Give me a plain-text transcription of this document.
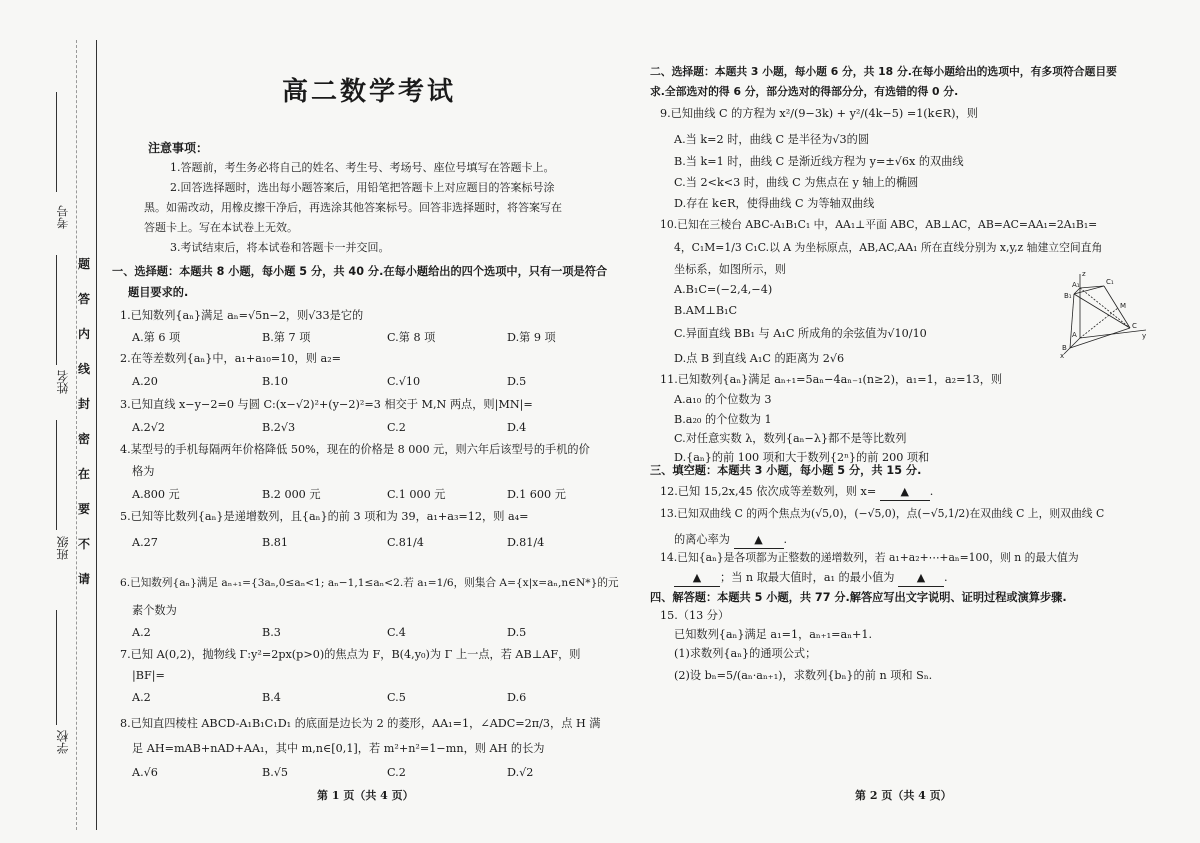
考号
姓名
班级
学校
请
不
要
在
密
封
线
内
答
题
高二数学考试
注意事项：

1.答题前，考生务必将自己的姓名、考生号、考场号、座位号填写在答题卡上。

2.回答选择题时，选出每小题答案后，用铅笔把答题卡上对应题目的答案标号涂

黑。如需改动，用橡皮擦干净后，再选涂其他答案标号。回答非选择题时，将答案写在

答题卡上。写在本试卷上无效。

3.考试结束后，将本试卷和答题卡一并交回。

一、选择题：本题共 8 小题，每小题 5 分，共 40 分.在每小题给出的四个选项中，只有一项是符合
题目要求的.
1.已知数列{aₙ}满足 aₙ=√5n−2，则√33是它的
A.第 6 项	B.第 7 项	C.第 8 项	D.第 9 项
2.在等差数列{aₙ}中，a₁+a₁₀=10，则 a₂=
A.20	B.10	C.√10	D.5
3.已知直线 x−y−2=0 与圆 C:(x−√2)²+(y−2)²=3 相交于 M,N 两点，则|MN|=
A.2√2	B.2√3	C.2	D.4
4.某型号的手机每隔两年价格降低 50%，现在的价格是 8 000 元，则六年后该型号的手机的价
格为
A.800 元	B.2 000 元	C.1 000 元	D.1 600 元
5.已知等比数列{aₙ}是递增数列，且{aₙ}的前 3 项和为 39，a₁+a₃=12，则 a₄=
A.27	B.81	C.81/4	D.81/4
6.已知数列{aₙ}满足 aₙ₊₁={3aₙ,0≤aₙ<1; aₙ−1,1≤aₙ<2.若 a₁=1/6，则集合 A={x|x=aₙ,n∈N*}的元
素个数为
A.2	B.3	C.4	D.5
7.已知 A(0,2)，抛物线 Γ:y²=2px(p>0)的焦点为 F，B(4,y₀)为 Γ 上一点，若 AB⊥AF，则
|BF|=
A.2	B.4	C.5	D.6
8.已知直四棱柱 ABCD-A₁B₁C₁D₁ 的底面是边长为 2 的菱形，AA₁=1，∠ADC=2π/3，点 H 满
足 AH=mAB+nAD+AA₁，其中 m,n∈[0,1]，若 m²+n²=1−mn，则 AH 的长为
A.√6	B.√5	C.2	D.√2
第 1 页（共 4 页）
二、选择题：本题共 3 小题，每小题 6 分，共 18 分.在每小题给出的选项中，有多项符合题目要
求.全部选对的得 6 分，部分选对的得部分分，有选错的得 0 分.
9.已知曲线 C 的方程为 x²/(9−3k) + y²/(4k−5) =1(k∈R)，则
A.当 k=2 时，曲线 C 是半径为√3的圆
B.当 k=1 时，曲线 C 是渐近线方程为 y=±√6x 的双曲线
C.当 2<k<3 时，曲线 C 为焦点在 y 轴上的椭圆
D.存在 k∈R，使得曲线 C 为等轴双曲线
10.已知在三棱台 ABC-A₁B₁C₁ 中，AA₁⊥平面 ABC，AB⊥AC，AB=AC=AA₁=2A₁B₁=
4，C₁M=1/3 C₁C.以 A 为坐标原点，AB,AC,AA₁ 所在直线分别为 x,y,z 轴建立空间直角
坐标系，如图所示，则
A.B₁C=(−2,4,−4)
B.AM⊥B₁C
C.异面直线 BB₁ 与 A₁C 所成角的余弦值为√10/10
D.点 B 到直线 A₁C 的距离为 2√6
z
A₁	C₁
B₁
M
C
y
A
B
x
11.已知数列{aₙ}满足 aₙ₊₁=5aₙ−4aₙ₋₁(n≥2)，a₁=1，a₂=13，则
A.a₁₀ 的个位数为 3
B.a₂₀ 的个位数为 1
C.对任意实数 λ，数列{aₙ−λ}都不是等比数列
D.{aₙ}的前 100 项和大于数列{2ⁿ}的前 200 项和
三、填空题：本题共 3 小题，每小题 5 分，共 15 分.
12.已知 15,2x,45 依次成等差数列，则 x= ▲ .
13.已知双曲线 C 的两个焦点为(√5,0)，(−√5,0)，点(−√5,1/2)在双曲线 C 上，则双曲线 C
的离心率为 ▲ .
14.已知{aₙ}是各项都为正整数的递增数列，若 a₁+a₂+⋯+aₙ=100，则 n 的最大值为
▲ ；当 n 取最大值时，a₁ 的最小值为 ▲ .
四、解答题：本题共 5 小题，共 77 分.解答应写出文字说明、证明过程或演算步骤.
15.（13 分）
已知数列{aₙ}满足 a₁=1，aₙ₊₁=aₙ+1.
(1)求数列{aₙ}的通项公式；
(2)设 bₙ=5/(aₙ·aₙ₊₁)，求数列{bₙ}的前 n 项和 Sₙ.
第 2 页（共 4 页）
